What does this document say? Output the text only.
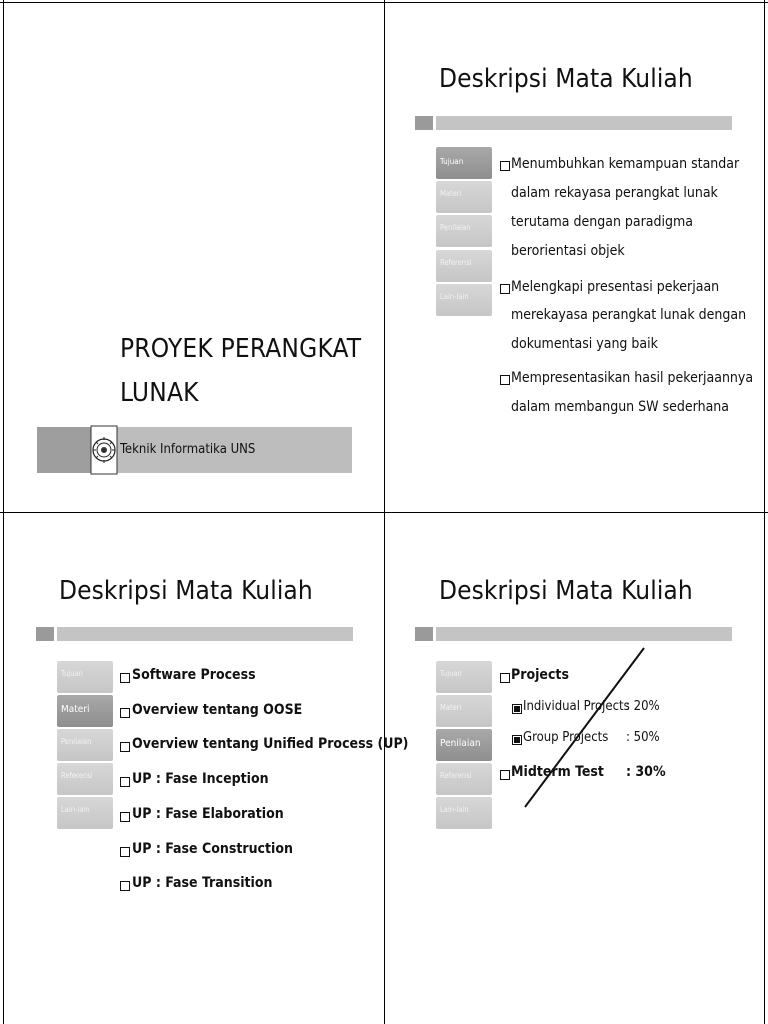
PROYEK PERANGKAT
LUNAK
Teknik Informatika UNS
Deskripsi Mata Kuliah
Tujuan
Materi
Penilaian
Referensi
Lain-lain
Menumbuhkan kemampuan standar
dalam rekayasa perangkat lunak
terutama dengan paradigma
berorientasi objek
Melengkapi presentasi pekerjaan
merekayasa perangkat lunak dengan
dokumentasi yang baik
Mempresentasikan hasil pekerjaannya
dalam membangun SW sederhana
Deskripsi Mata Kuliah
Tujuan
Materi
Penilaian
Referensi
Lain-lain
Software Process
Overview tentang OOSE
Overview tentang Unified Process (UP)
UP : Fase Inception
UP : Fase Elaboration
UP : Fase Construction
UP : Fase Transition
Deskripsi Mata Kuliah
Tujuan
Materi
Penilaian
Referensi
Lain-lain
Projects
Individual Projects
: 20%
Group Projects : 50%
Midterm Test : 30%
